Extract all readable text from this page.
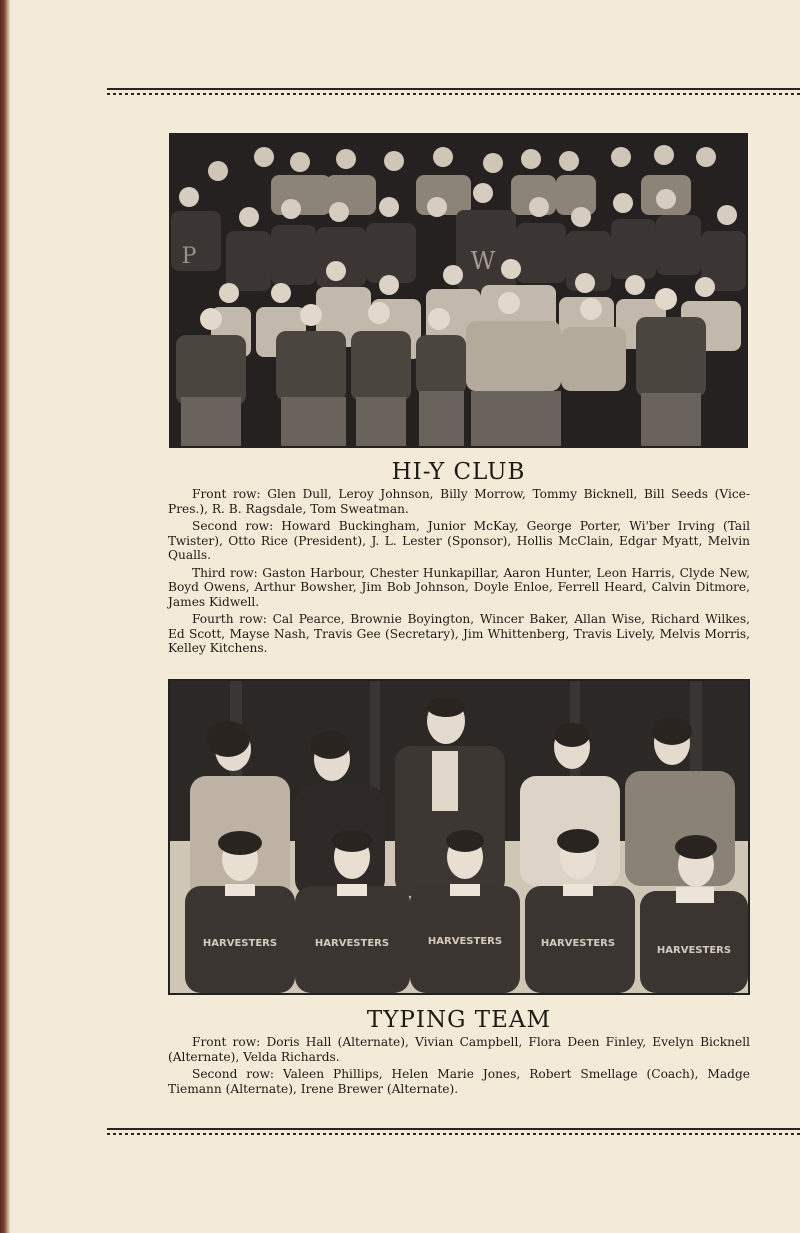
P	W
HI-Y CLUB

Front row: Glen Dull, Leroy Johnson, Billy Morrow, Tommy Bicknell, Bill Seeds (Vice-Pres.), R. B. Ragsdale, Tom Sweatman.

Second row: Howard Buckingham, Junior McKay, George Porter, Wi'ber Irving (Tail Twister), Otto Rice (President), J. L. Lester (Sponsor), Hollis McClain, Edgar Myatt, Melvin Qualls.

Third row: Gaston Harbour, Chester Hunkapillar, Aaron Hunter, Leon Harris, Clyde New, Boyd Owens, Arthur Bowsher, Jim Bob Johnson, Doyle Enloe, Ferrell Heard, Calvin Ditmore, James Kidwell.

Fourth row: Cal Pearce, Brownie Boyington, Wincer Baker, Allan Wise, Richard Wilkes, Ed Scott, Mayse Nash, Travis Gee (Secretary), Jim Whittenberg, Travis Lively, Melvis Morris, Kelley Kitchens.

HARVESTERS	HARVESTERS	HARVESTERS	HARVESTERS
HARVESTERS
TYPING TEAM

Front row: Doris Hall (Alternate), Vivian Campbell, Flora Deen Finley, Evelyn Bicknell (Alternate), Velda Richards.

Second row: Valeen Phillips, Helen Marie Jones, Robert Smellage (Coach), Madge Tiemann (Alternate), Irene Brewer (Alternate).
